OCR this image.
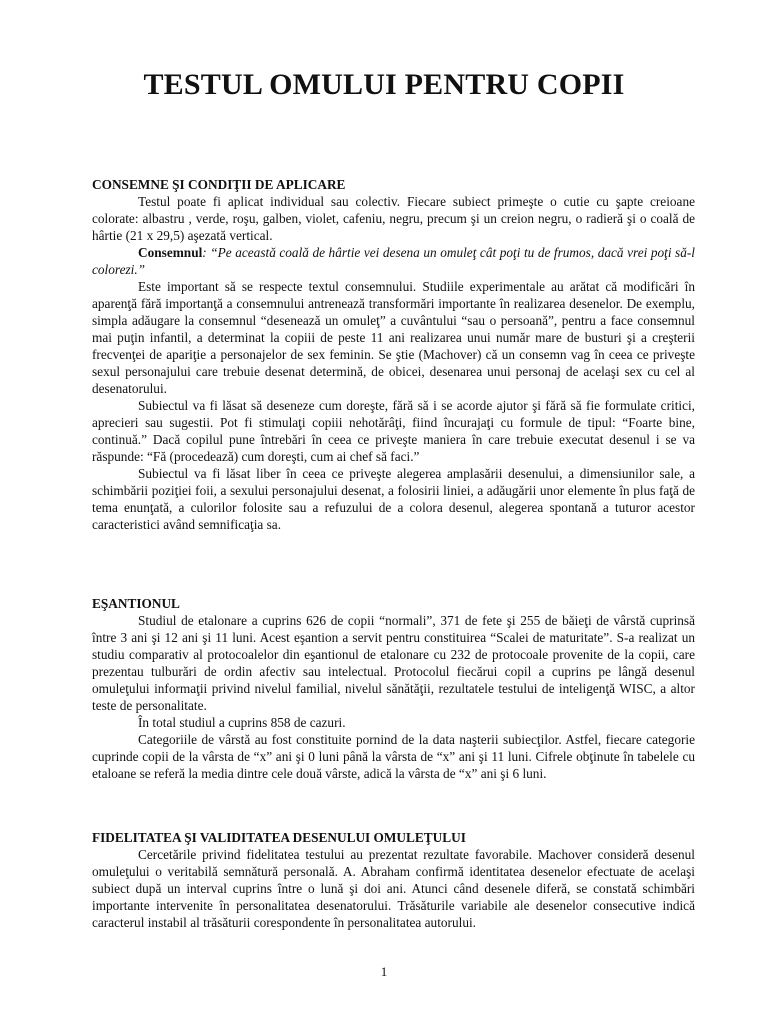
TESTUL OMULUI PENTRU COPII
CONSEMNE ŞI CONDIŢII DE APLICARE

Testul poate fi aplicat individual sau colectiv. Fiecare subiect primeşte o cutie cu şapte creioane colorate: albastru , verde, roşu, galben, violet, cafeniu, negru, precum şi un creion negru, o radieră şi o coală de hârtie (21 x 29,5) aşezată vertical.

Consemnul: “Pe această coală de hârtie vei desena un omuleţ cât poţi tu de frumos, dacă vrei poţi să-l colorezi.”

Este important să se respecte textul consemnului. Studiile experimentale au arătat că modificări în aparenţă fără importanţă a consemnului antrenează transformări importante în realizarea desenelor. De exemplu, simpla adăugare la consemnul “desenează un omuleţ” a cuvântului “sau o persoană”, pentru a face consemnul mai puţin infantil, a determinat la copiii de peste 11 ani realizarea unui număr mare de busturi şi a creşterii frecvenţei de apariţie a personajelor de sex feminin. Se ştie (Machover) că un consemn vag în ceea ce priveşte sexul personajului care trebuie desenat determină, de obicei, desenarea unui personaj de acelaşi sex cu cel al desenatorului.

Subiectul va fi lăsat să deseneze cum doreşte, fără să i se acorde ajutor şi fără să fie formulate critici, aprecieri sau sugestii. Pot fi stimulaţi copiii nehotărâţi, fiind încurajaţi cu formule de tipul: “Foarte bine, continuă.” Dacă copilul pune întrebări în ceea ce priveşte maniera în care trebuie executat desenul i se va răspunde: “Fă (procedează) cum doreşti, cum ai chef să faci.”

Subiectul va fi lăsat liber în ceea ce priveşte alegerea amplasării desenului, a dimensiunilor sale, a schimbării poziţiei foii, a sexului personajului desenat, a folosirii liniei, a adăugării unor elemente în plus faţă de tema enunţată, a culorilor folosite sau a refuzului de a colora desenul, alegerea spontană a tuturor acestor caracteristici având semnificaţia sa.

EŞANTIONUL

Studiul de etalonare a cuprins 626 de copii “normali”, 371 de fete şi 255 de băieţi de vârstă cuprinsă între 3 ani şi 12 ani şi 11 luni. Acest eşantion a servit pentru constituirea “Scalei de maturitate”. S-a realizat un studiu comparativ al protocoalelor din eşantionul de etalonare cu 232 de protocoale provenite de la copii, care prezentau tulburări de ordin afectiv sau intelectual. Protocolul fiecărui copil a cuprins pe lângă desenul omuleţului informaţii privind nivelul familial, nivelul sănătăţii, rezultatele testului de inteligenţă WISC, a altor teste de personalitate.

În total studiul a cuprins 858 de cazuri.

Categoriile de vârstă au fost constituite pornind de la data naşterii subiecţilor. Astfel, fiecare categorie cuprinde copii de la vârsta de “x” ani şi 0 luni până la vârsta de “x” ani şi 11 luni. Cifrele obţinute în tabelele cu etaloane se referă la media dintre cele două vârste, adică la vârsta de “x” ani şi 6 luni.

FIDELITATEA ŞI VALIDITATEA DESENULUI OMULEŢULUI

Cercetările privind fidelitatea testului au prezentat rezultate favorabile. Machover consideră desenul omuleţului o veritabilă semnătură personală. A. Abraham confirmă identitatea desenelor efectuate de acelaşi subiect după un interval cuprins între o lună şi doi ani. Atunci când desenele diferă, se constată schimbări importante intervenite în personalitatea desenatorului. Trăsăturile variabile ale desenelor consecutive indică caracterul instabil al trăsăturii corespondente în personalitatea autorului.

1
